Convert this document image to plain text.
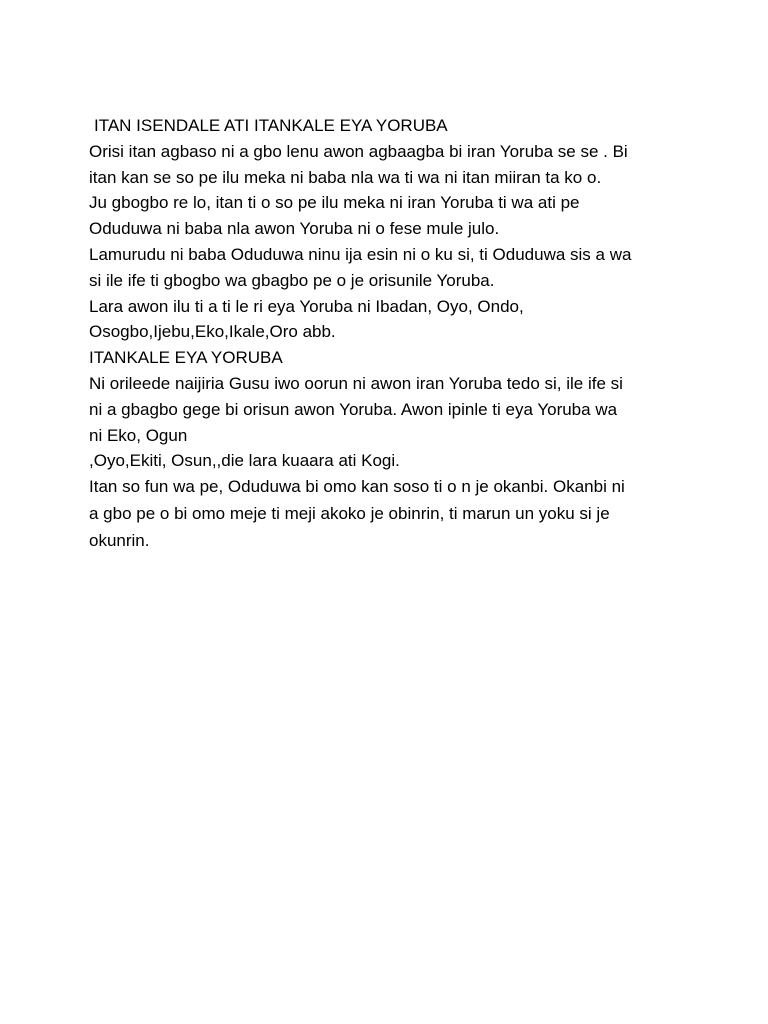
ITAN ISENDALE ATI ITANKALE EYA YORUBA
Orisi itan agbaso ni a gbo lenu awon agbaagba bi iran Yoruba se se . Bi
itan kan se so pe ilu meka ni baba nla wa ti wa ni itan miiran ta ko o.
Ju gbogbo re lo, itan ti o so pe ilu meka ni iran Yoruba ti wa ati pe
Oduduwa ni baba nla awon Yoruba ni o fese mule julo.
Lamurudu ni baba Oduduwa ninu ija esin ni o ku si, ti Oduduwa sis a wa
si ile ife ti gbogbo wa gbagbo pe o je orisunile Yoruba.
Lara awon ilu ti a ti le ri eya Yoruba ni Ibadan, Oyo, Ondo,
Osogbo,Ijebu,Eko,Ikale,Oro abb.
ITANKALE EYA YORUBA
Ni orileede naijiria Gusu iwo oorun ni awon iran Yoruba tedo si, ile ife si
ni a gbagbo gege bi orisun awon Yoruba. Awon ipinle ti eya Yoruba wa
ni Eko, Ogun
,Oyo,Ekiti, Osun,,die lara kuaara ati Kogi.
Itan so fun wa pe, Oduduwa bi omo kan soso ti o n je okanbi. Okanbi ni
a gbo pe o bi omo meje ti meji akoko je obinrin, ti marun un yoku si je
okunrin.
